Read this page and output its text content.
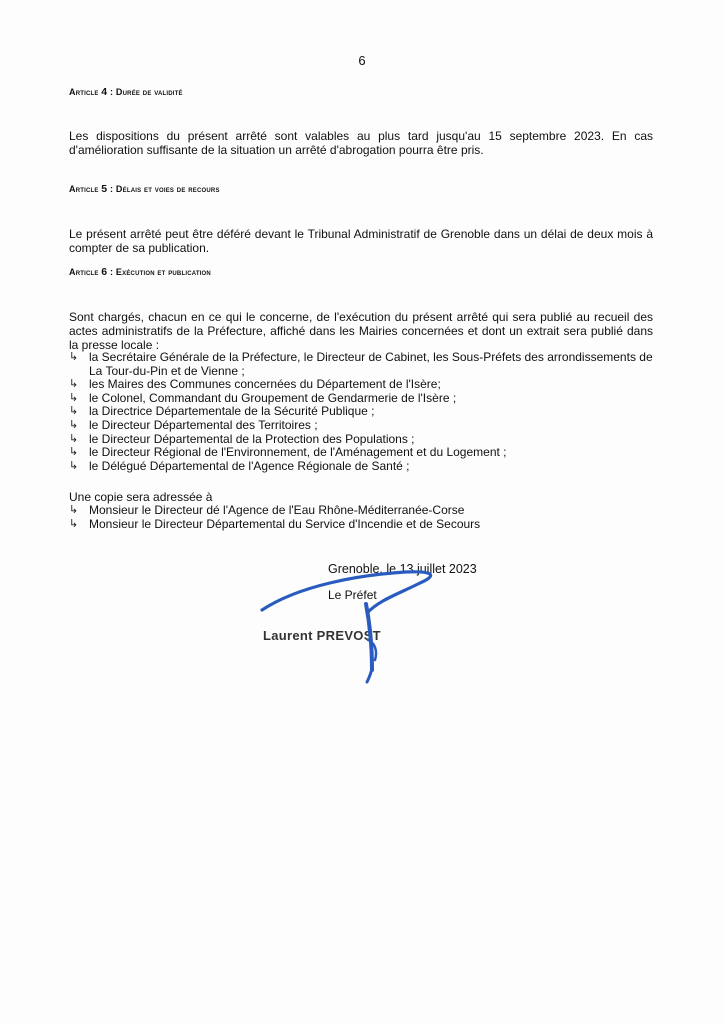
6
Article 4 : Durée de validité
Les dispositions du présent arrêté sont valables au plus tard jusqu'au 15 septembre 2023. En cas d'amélioration suffisante de la situation un arrêté d'abrogation pourra être pris.
Article 5 : Délais et voies de recours
Le présent arrêté peut être déféré devant le Tribunal Administratif de Grenoble dans un délai de deux mois à compter de sa publication.
Article 6 : Exécution et publication
Sont chargés, chacun en ce qui le concerne, de l'exécution du présent arrêté qui sera publié au recueil des actes administratifs de la Préfecture, affiché dans les Mairies concernées et dont un extrait sera publié dans la presse locale :
↳ la Secrétaire Générale de la Préfecture, le Directeur de Cabinet, les Sous-Préfets des arrondissements de La Tour-du-Pin et de Vienne ;
↳ les Maires des Communes concernées du Département de l'Isère;
↳ le Colonel, Commandant du Groupement de Gendarmerie de l'Isère ;
↳ la Directrice Départementale de la Sécurité Publique ;
↳ le Directeur Départemental des Territoires ;
↳ le Directeur Départemental de la Protection des Populations ;
↳ le Directeur Régional de l'Environnement, de l'Aménagement et du Logement ;
↳ le Délégué Départemental de l'Agence Régionale de Santé ;
Une copie sera adressée à
↳ Monsieur le Directeur dé l'Agence de l'Eau Rhône-Méditerranée-Corse
↳ Monsieur le Directeur Départemental du Service d'Incendie et de Secours
Grenoble, le 13 juillet 2023
Le Préfet
Laurent PREVOST
